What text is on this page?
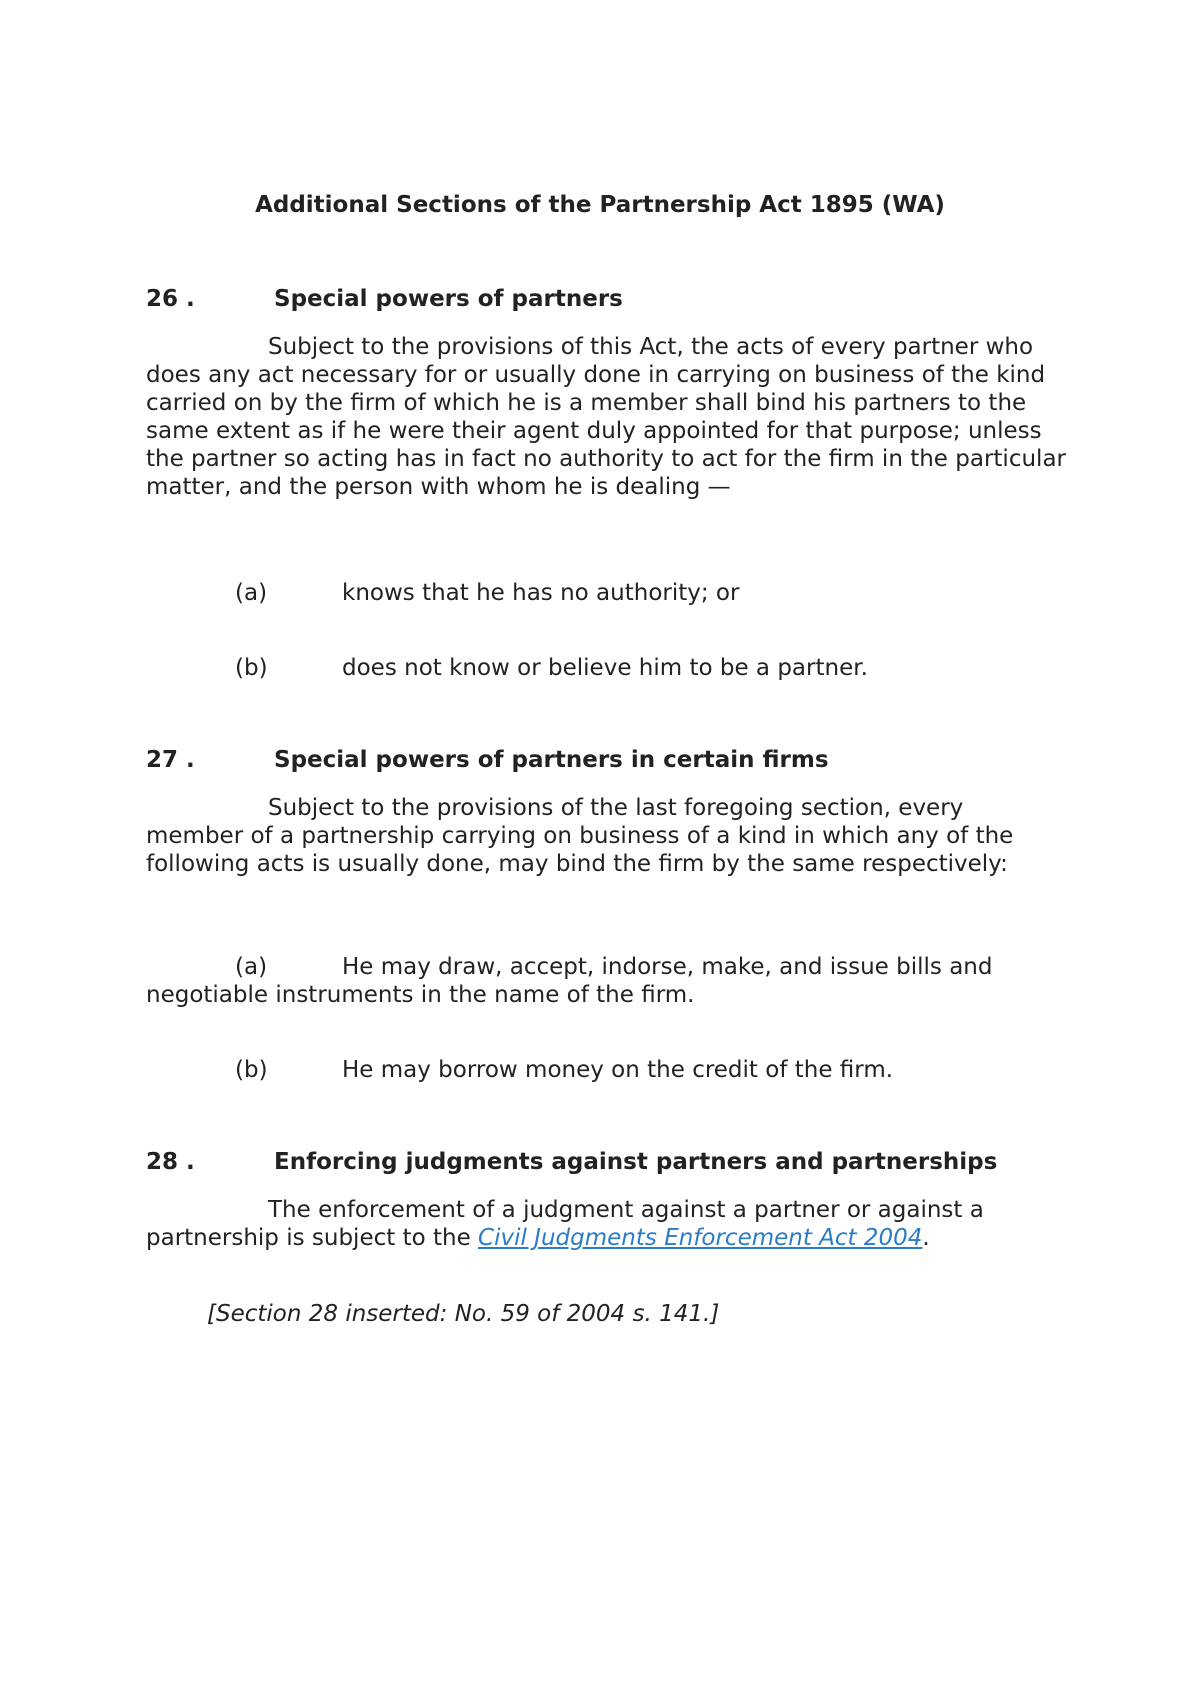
Additional Sections of the Partnership Act 1895 (WA)
26 .	Special powers of partners

Subject to the provisions of this Act, the acts of every partner who does any act necessary for or usually done in carrying on business of the kind carried on by the firm of which he is a member shall bind his partners to the same extent as if he were their agent duly appointed for that purpose; unless the partner so acting has in fact no authority to act for the firm in the particular matter, and the person with whom he is dealing —

(a)	knows that he has no authority; or
(b)	does not know or believe him to be a partner.
27 .	Special powers of partners in certain firms

Subject to the provisions of the last foregoing section, every member of a partnership carrying on business of a kind in which any of the following acts is usually done, may bind the firm by the same respectively:

(a)	He may draw, accept, indorse, make, and issue bills and negotiable instruments in the name of the firm.
(b)	He may borrow money on the credit of the firm.
28 .	Enforcing judgments against partners and partnerships

The enforcement of a judgment against a partner or against a partnership is subject to the Civil Judgments Enforcement Act 2004.

[Section 28 inserted: No. 59 of 2004 s. 141.]
